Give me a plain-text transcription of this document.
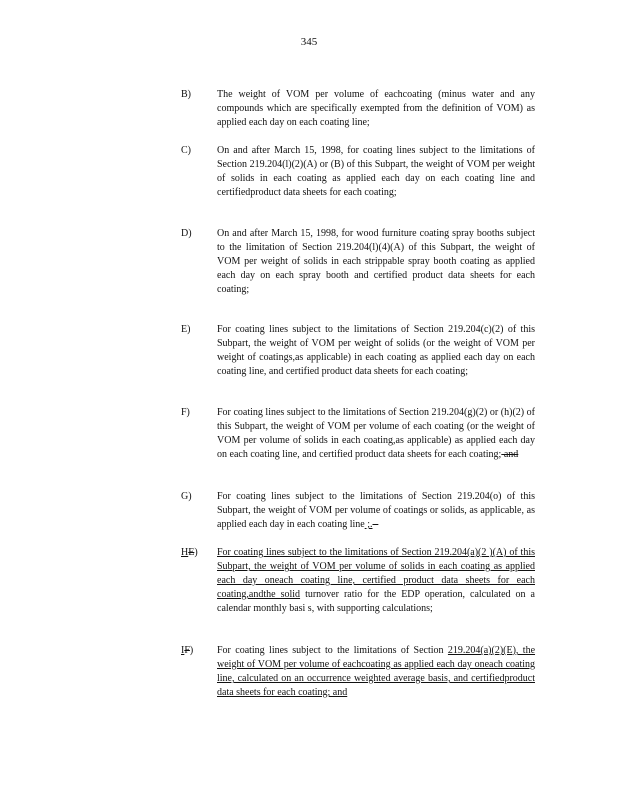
345
B)	The weight of VOM per volume of eachcoating (minus water and any compounds which are specifically exempted from the definition of VOM) as applied each day on each coating line;
C)	On and after March 15, 1998, for coating lines subject to the limitations of Section 219.204(l)(2)(A) or (B) of this Subpart, the weight of VOM per weight of solids in each coating as applied each day on each coating line and certifiedproduct data sheets for each coating;
D)	On and after March 15, 1998, for wood furniture coating spray booths subject to the limitation of Section 219.204(l)(4)(A) of this Subpart, the weight of VOM per weight of solids in each strippable spray booth coating as applied each day on each spray booth and certified product data sheets for each coating;
E)	For coating lines subject to the limitations of Section 219.204(c)(2) of this Subpart, the weight of VOM per weight of solids (or the weight of VOM per weight of coatings,as applicable) in each coating as applied each day on each coating line, and certified product data sheets for each coating;
F)	For coating lines subject to the limitations of Section 219.204(g)(2) or (h)(2) of this Subpart, the weight of VOM per volume of each coating (or the weight of VOM per volume of solids in each coating,as applicable) as applied each day on each coating line, and certified product data sheets for each coating; and
G)	For coating lines subject to the limitations of Section 219.204(o) of this Subpart, the weight of VOM per volume of coatings or solids, as applicable, as applied each day in each coating line ;. -
HE)	For coating lines subject to the limitations of Section 219.204(a)(2 )(A) of this Subpart, the weight of VOM per volume of solids in each coating as applied each day oneach coating line, certified product data sheets for each coating,andthe solid turnover ratio for the EDP operation, calculated on a calendar monthly basi s, with supporting calculations;
IF)	For coating lines subject to the limitations of Section 219.204(a)(2)(E), the weight of VOM per volume of eachcoating as applied each day oneach coating line, calculated on an occurrence weighted average basis, and certifiedproduct data sheets for each coating; and
